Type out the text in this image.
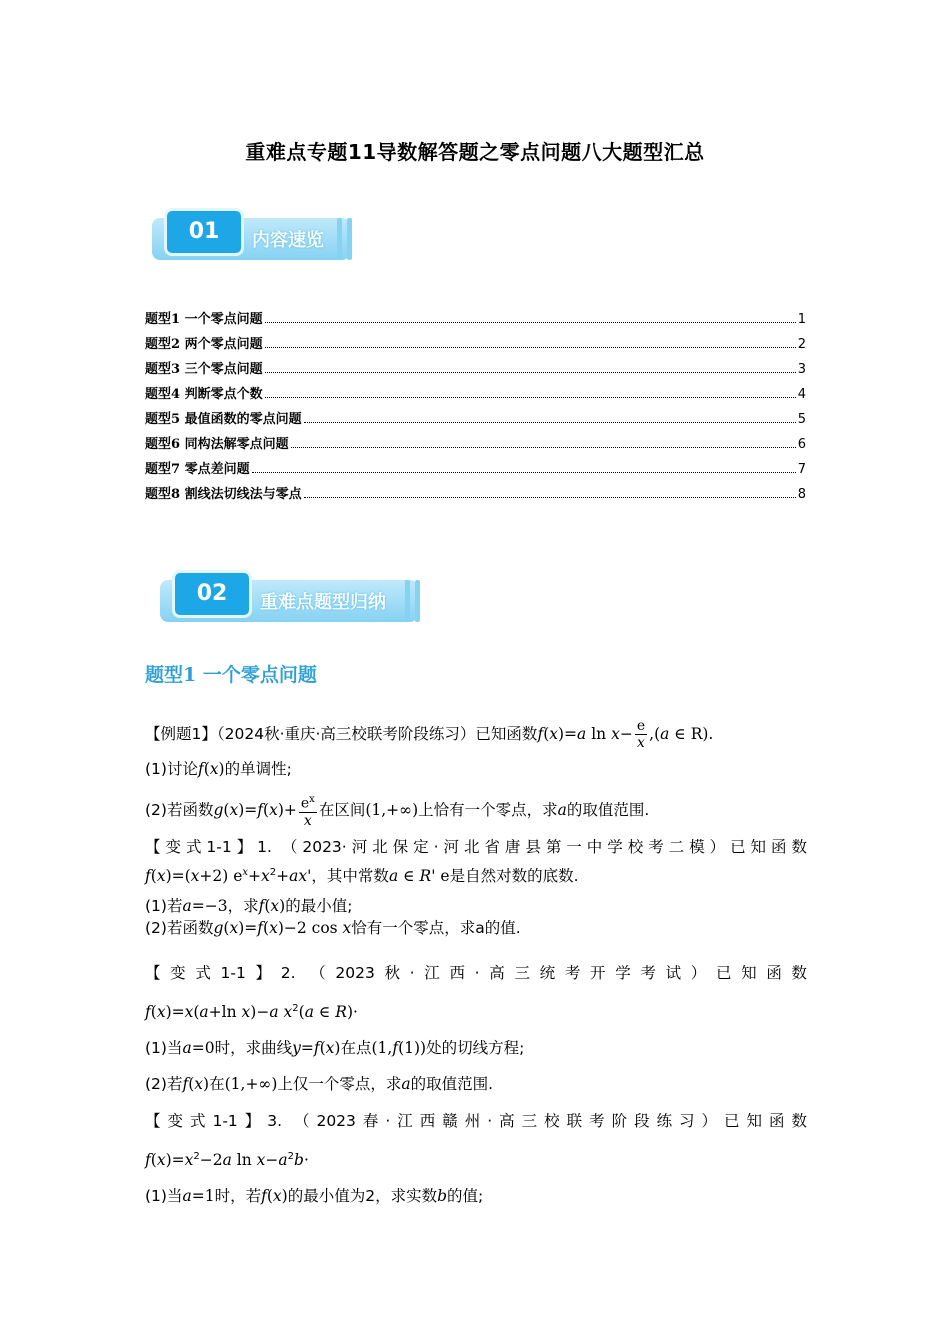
重难点专题11导数解答题之零点问题八大题型汇总
01	内容速览
题型1 一个零点问题	1
题型2 两个零点问题	2
题型3 三个零点问题	3
题型4 判断零点个数	4
题型5 最值函数的零点问题	5
题型6 同构法解零点问题	6
题型7 零点差问题	7
题型8 割线法切线法与零点	8
02	重难点题型归纳
题型1 一个零点问题
【例题1】（2024秋·重庆·高三校联考阶段练习）已知函数f(x)=a $\ln x- \frac{e}{x} ,(a$ ∈ R).
(1)讨论f(x)的单调性;
(2)若函数$g(x)=f(x)+ \frac{e^x}{x}$ 在区间(1,+∞)上恰有一个零点，求a的取值范围.
【变式1-1】1. （2023·河北保定·河北省唐县第一中学校考二模）已知函数
f(x)=(x+2) $e^x+x^2+ax'$，其中常数a ∈ R' e是自然对数的底数.
(1)若a=−3，求f(x)的最小值;
(2)若函数g(x)=f(x)−2 cos x恰有一个零点，求a的值.
【变式1-1】2. （2023秋·江西·高三统考开学考试）已知函数
f(x)=x(a+ln x)−a $x^2(a$ ∈ R)·
(1)当a=0时，求曲线y=f(x)在点(1,f(1))处的切线方程;
(2)若f(x)在(1,+∞)上仅一个零点，求a的取值范围.
【变式1-1】3. （2023春·江西赣州·高三校联考阶段练习）已知函数
$f(x)=x^2-2a$ $\ln x-a^2b\cdot$
(1)当a=1时，若f(x)的最小值为2，求实数b的值;
